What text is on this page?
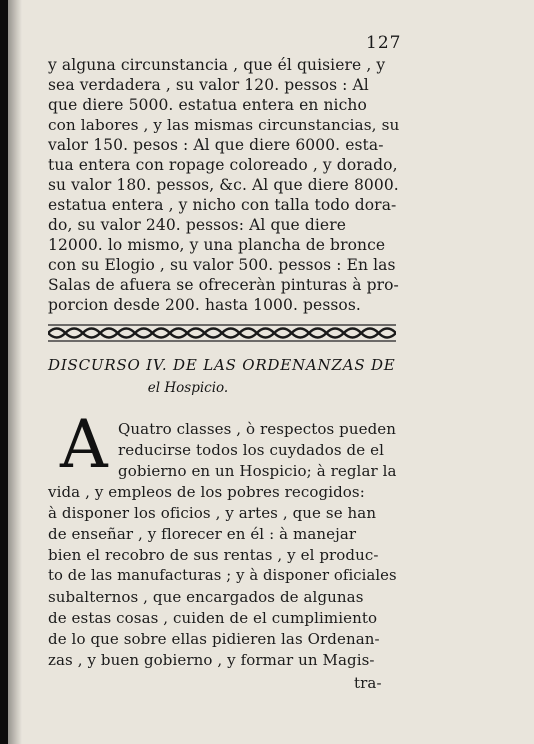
127
y alguna circunstancia , que él quisiere , y
sea verdadera , su valor 120. pessos : Al
que diere 5000. estatua entera en nicho
con labores , y las mismas circunstancias, su
valor 150. pesos : Al que diere 6000. esta-
tua entera con ropage coloreado , y dorado,
su valor 180. pessos, &c. Al que diere 8000.
estatua entera , y nicho con talla todo dora-
do, su valor 240. pessos: Al que diere
12000. lo mismo, y una plancha de bronce
con su Elogio , su valor 500. pessos : En las
Salas de afuera se ofreceràn pinturas à pro-
porcion desde 200. hasta 1000. pessos.
DISCURSO IV. DE LAS ORDENANZAS DE
el Hospicio.
A Quatro classes , ò respectos pueden
reducirse todos los cuydados de el
gobierno en un Hospicio; à reglar la
vida , y empleos de los pobres recogidos:
à disponer los oficios , y artes , que se han
de enseñar , y florecer en él : à manejar
bien el recobro de sus rentas , y el produc-
to de las manufacturas ; y à disponer oficiales
subalternos , que encargados de algunas
de estas cosas , cuiden de el cumplimiento
de lo que sobre ellas pidieren las Ordenan-
zas , y buen gobierno , y formar un Magis-
tra-
